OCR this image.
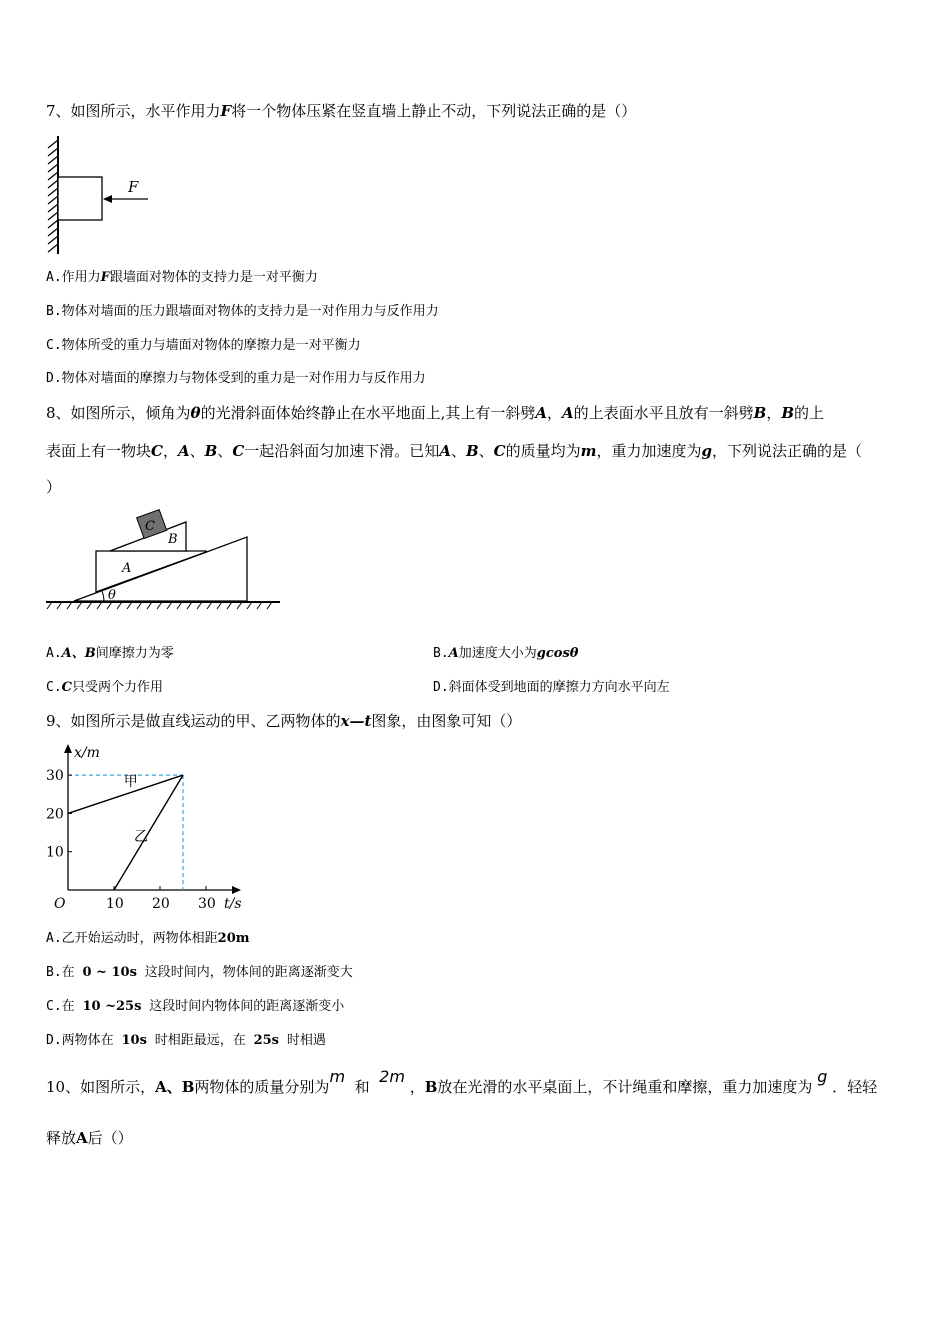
7、如图所示，水平作用力F将一个物体压紧在竖直墙上静止不动，下列说法正确的是（）
F
A.作用力F跟墙面对物体的支持力是一对平衡力
B.物体对墙面的压力跟墙面对物体的支持力是一对作用力与反作用力
C.物体所受的重力与墙面对物体的摩擦力是一对平衡力
D.物体对墙面的摩擦力与物体受到的重力是一对作用力与反作用力
8、如图所示，倾角为θ的光滑斜面体始终静止在水平地面上,其上有一斜劈A，A的上表面水平且放有一斜劈B，B的上
表面上有一物块C，A、B、C一起沿斜面匀加速下滑。已知A、B、C的质量均为m，重力加速度为g，下列说法正确的是（
）
C
B
A
θ
A.A、B间摩擦力为零	B.A加速度大小为gcosθ
C.C只受两个力作用	D.斜面体受到地面的摩擦力方向水平向左
9、如图所示是做直线运动的甲、乙两物体的x—t图象，由图象可知（）
x/m
t/s
O	10 20 30
10
20
30	甲
乙
A.乙开始运动时，两物体相距20m
B.在 0 ~ 10s 这段时间内，物体间的距离逐渐变大
C.在 10 ~25s 这段时间内物体间的距离逐渐变小
D.两物体在 10s 时相距最远，在 25s 时相遇
10、如图所示，A、B两物体的质量分别为m  和  2m ，B放在光滑的水平桌面上，不计绳重和摩擦，重力加速度为 g ．轻轻
释放A后（）
